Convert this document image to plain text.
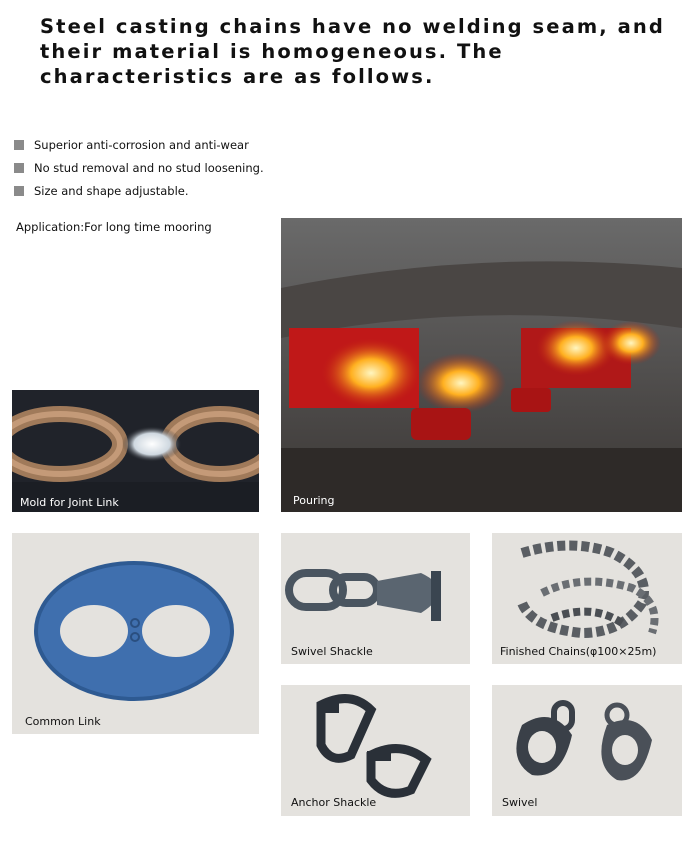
Steel casting chains have no welding seam, and their material is homogeneous. The characteristics are as follows.
Superior anti-corrosion and anti-wear
No stud removal and no stud loosening.
Size and shape adjustable.
Application:For long time mooring
Mold for Joint Link	Pouring
Common Link
Swivel Shackle	Finished Chains(φ100×25m)
Anchor Shackle	Swivel
